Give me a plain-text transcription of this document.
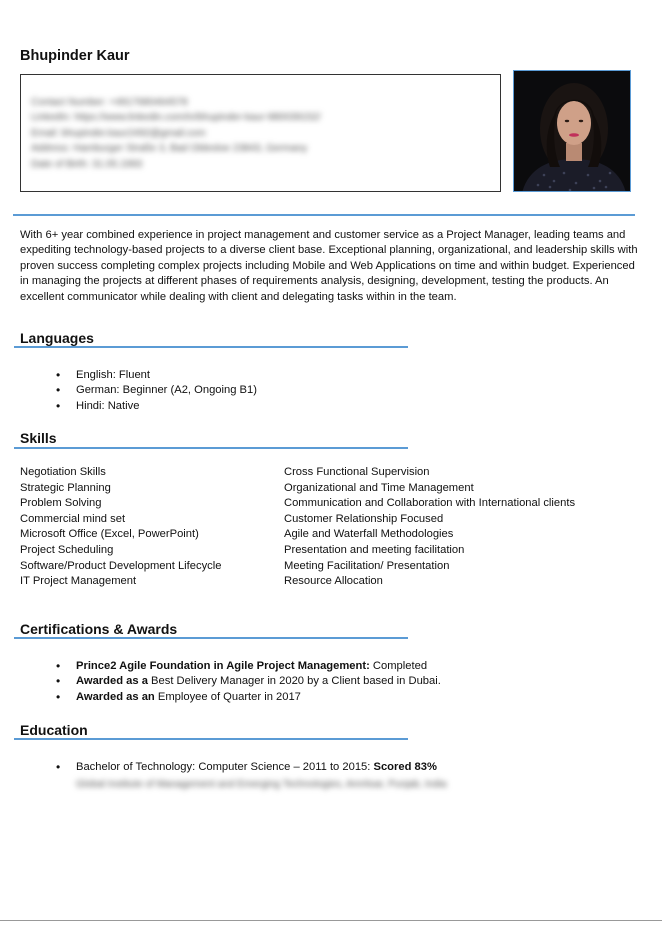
Bhupinder Kaur
Contact Number: +4917680464578
LinkedIn: https://www.linkedin.com/in/bhupinder-kaur-980039152/
Email: bhupinder.kaur2492@gmail.com
Address: Hamburger Straße 3, Bad Oldesloe 23843, Germany
Date of Birth: 31.05.1993
With 6+ year combined experience in project management and customer service as a Project Manager, leading teams and expediting technology-based projects to a diverse client base. Exceptional planning, organizational, and leadership skills with proven success completing complex projects including Mobile and Web Applications on time and within budget. Experienced in managing the projects at different phases of requirements analysis, designing, development, testing the products. An excellent communicator while dealing with client and delegating tasks within in the team.
Languages
• English: Fluent
• German: Beginner (A2, Ongoing B1)
• Hindi: Native
Skills
Negotiation Skills
Strategic Planning
Problem Solving
Commercial mind set
Microsoft Office (Excel, PowerPoint)
Project Scheduling
Software/Product Development Lifecycle
IT Project Management
Cross Functional Supervision
Organizational and Time Management
Communication and Collaboration with International clients
Customer Relationship Focused
Agile and Waterfall Methodologies
Presentation and meeting facilitation
Meeting Facilitation/ Presentation
Resource Allocation
Certifications & Awards
• Prince2 Agile Foundation in Agile Project Management: Completed
• Awarded as a Best Delivery Manager in 2020 by a Client based in Dubai.
• Awarded as an Employee of Quarter in 2017
Education
• Bachelor of Technology: Computer Science – 2011 to 2015: Scored 83%
Global Institute of Management and Emerging Technologies, Amritsar, Punjab, India
